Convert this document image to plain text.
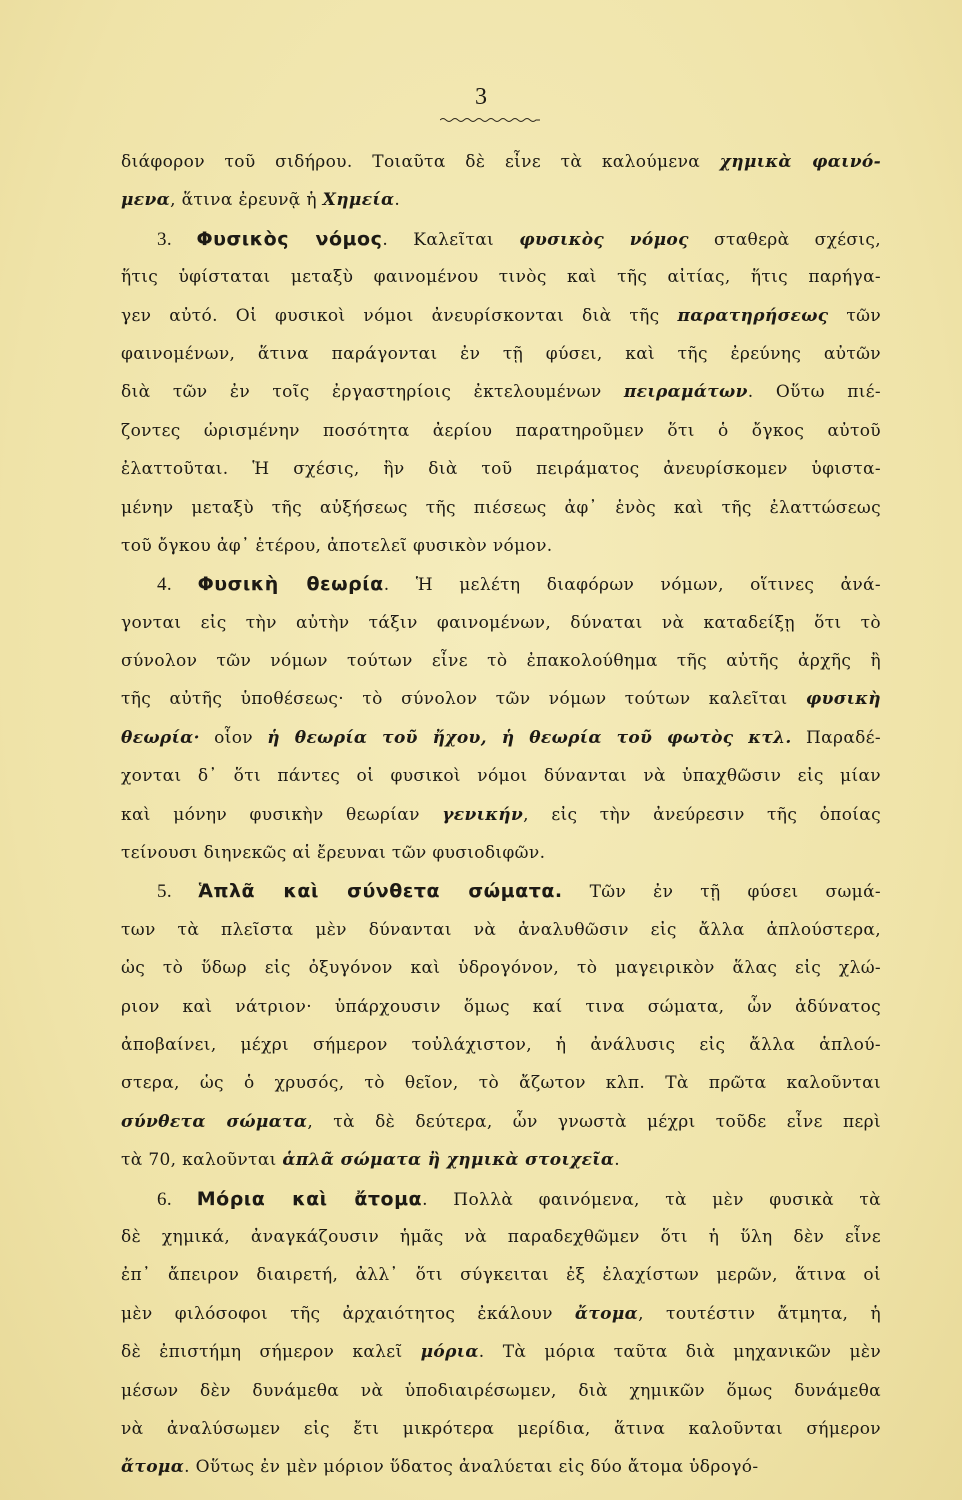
3
διάφορον τοῦ σιδήρου. Τοιαῦτα δὲ εἶνε τὰ καλούμενα χημικὰ φαινό-
μενα, ἅτινα ἐρευνᾷ ἡ Χημεία.
3. Φυσικὸς νόμος. Καλεῖται φυσικὸς νόμος σταθερὰ σχέσις,
ἥτις ὑφίσταται μεταξὺ φαινομένου τινὸς καὶ τῆς αἰτίας, ἥτις παρήγα-
γεν αὐτό. Οἱ φυσικοὶ νόμοι ἀνευρίσκονται διὰ τῆς παρατηρήσεως τῶν
φαινομένων, ἅτινα παράγονται ἐν τῇ φύσει, καὶ τῆς ἐρεύνης αὐτῶν
διὰ τῶν ἐν τοῖς ἐργαστηρίοις ἐκτελουμένων πειραμάτων. Οὕτω πιέ-
ζοντες ὡρισμένην ποσότητα ἀερίου παρατηροῦμεν ὅτι ὁ ὄγκος αὐτοῦ
ἐλαττοῦται. Ἡ σχέσις, ἣν διὰ τοῦ πειράματος ἀνευρίσκομεν ὑφιστα-
μένην μεταξὺ τῆς αὐξήσεως τῆς πιέσεως ἀφ᾿ ἑνὸς καὶ τῆς ἐλαττώσεως
τοῦ ὄγκου ἀφ᾿ ἑτέρου, ἀποτελεῖ φυσικὸν νόμον.
4. Φυσικὴ θεωρία. Ἡ μελέτη διαφόρων νόμων, οἵτινες ἀνά-
γονται εἰς τὴν αὐτὴν τάξιν φαινομένων, δύναται νὰ καταδείξῃ ὅτι τὸ
σύνολον τῶν νόμων τούτων εἶνε τὸ ἐπακολούθημα τῆς αὐτῆς ἀρχῆς ἢ
τῆς αὐτῆς ὑποθέσεως· τὸ σύνολον τῶν νόμων τούτων καλεῖται φυσικὴ
θεωρία· οἷον ἡ θεωρία τοῦ ἤχου, ἡ θεωρία τοῦ φωτὸς κτλ. Παραδέ-
χονται δ᾿ ὅτι πάντες οἱ φυσικοὶ νόμοι δύνανται νὰ ὑπαχθῶσιν εἰς μίαν
καὶ μόνην φυσικὴν θεωρίαν γενικήν, εἰς τὴν ἀνεύρεσιν τῆς ὁποίας
τείνουσι διηνεκῶς αἱ ἔρευναι τῶν φυσιοδιφῶν.
5. Ἁπλᾶ καὶ σύνθετα σώματα. Τῶν ἐν τῇ φύσει σωμά-
των τὰ πλεῖστα μὲν δύνανται νὰ ἀναλυθῶσιν εἰς ἄλλα ἁπλούστερα,
ὡς τὸ ὕδωρ εἰς ὀξυγόνον καὶ ὑδρογόνον, τὸ μαγειρικὸν ἅλας εἰς χλώ-
ριον καὶ νάτριον· ὑπάρχουσιν ὅμως καί τινα σώματα, ὧν ἀδύνατος
ἀποβαίνει, μέχρι σήμερον τοὐλάχιστον, ἡ ἀνάλυσις εἰς ἄλλα ἁπλού-
στερα, ὡς ὁ χρυσός, τὸ θεῖον, τὸ ἄζωτον κλπ. Τὰ πρῶτα καλοῦνται
σύνθετα σώματα, τὰ δὲ δεύτερα, ὧν γνωστὰ μέχρι τοῦδε εἶνε περὶ
τὰ 70, καλοῦνται ἁπλᾶ σώματα ἢ χημικὰ στοιχεῖα.
6. Μόρια καὶ ἄτομα. Πολλὰ φαινόμενα, τὰ μὲν φυσικὰ τὰ
δὲ χημικά, ἀναγκάζουσιν ἡμᾶς νὰ παραδεχθῶμεν ὅτι ἡ ὕλη δὲν εἶνε
ἐπ᾿ ἄπειρον διαιρετή, ἀλλ᾿ ὅτι σύγκειται ἐξ ἐλαχίστων μερῶν, ἅτινα οἱ
μὲν φιλόσοφοι τῆς ἀρχαιότητος ἐκάλουν ἄτομα, τουτέστιν ἄτμητα, ἡ
δὲ ἐπιστήμη σήμερον καλεῖ μόρια. Τὰ μόρια ταῦτα διὰ μηχανικῶν μὲν
μέσων δὲν δυνάμεθα νὰ ὑποδιαιρέσωμεν, διὰ χημικῶν ὅμως δυνάμεθα
νὰ ἀναλύσωμεν εἰς ἔτι μικρότερα μερίδια, ἅτινα καλοῦνται σήμερον
ἄτομα. Οὕτως ἐν μὲν μόριον ὕδατος ἀναλύεται εἰς δύο ἄτομα ὑδρογό-
